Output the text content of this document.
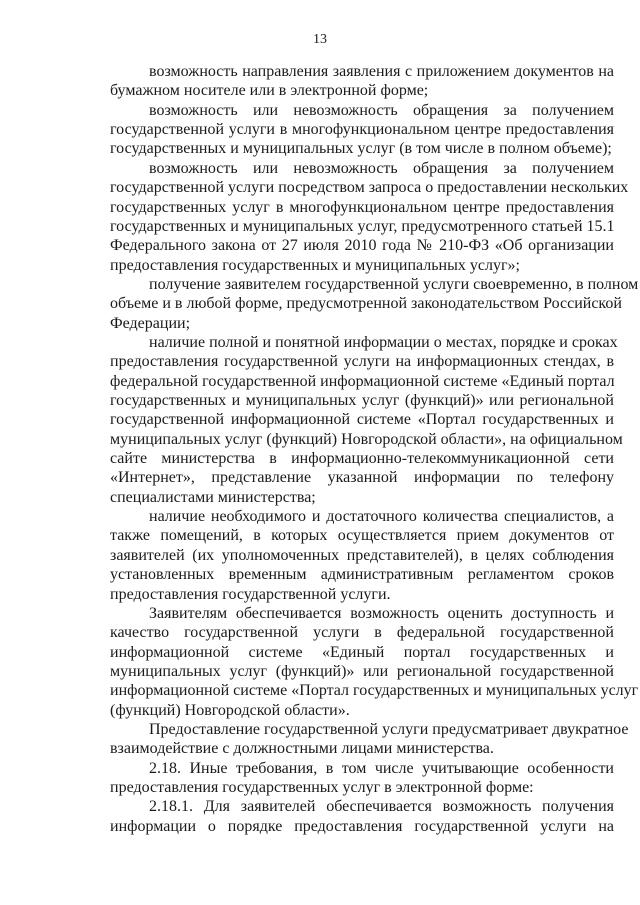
13
возможность направления заявления с приложением документов на
бумажном носителе или в электронной форме;
возможность или невозможность обращения за получением
государственной услуги в многофункциональном центре предоставления
государственных и муниципальных услуг (в том числе в полном объеме);
возможность или невозможность обращения за получением
государственной услуги посредством запроса о предоставлении нескольких
государственных услуг в многофункциональном центре предоставления
государственных и муниципальных услуг, предусмотренного статьей 15.1
Федерального закона от 27 июля 2010 года № 210-ФЗ «Об организации
предоставления государственных и муниципальных услуг»;
получение заявителем государственной услуги своевременно, в полном
объеме и в любой форме, предусмотренной законодательством Российской
Федерации;
наличие полной и понятной информации о местах, порядке и сроках
предоставления государственной услуги на информационных стендах, в
федеральной государственной информационной системе «Единый портал
государственных и муниципальных услуг (функций)» или региональной
государственной информационной системе «Портал государственных и
муниципальных услуг (функций) Новгородской области», на официальном
сайте министерства в информационно-телекоммуникационной сети
«Интернет», представление указанной информации по телефону
специалистами министерства;
наличие необходимого и достаточного количества специалистов, а
также помещений, в которых осуществляется прием документов от
заявителей (их уполномоченных представителей), в целях соблюдения
установленных временным административным регламентом сроков
предоставления государственной услуги.
Заявителям обеспечивается возможность оценить доступность и
качество государственной услуги в федеральной государственной
информационной системе «Единый портал государственных и
муниципальных услуг (функций)» или региональной государственной
информационной системе «Портал государственных и муниципальных услуг
(функций) Новгородской области».
Предоставление государственной услуги предусматривает двукратное
взаимодействие с должностными лицами министерства.
2.18. Иные требования, в том числе учитывающие особенности
предоставления государственных услуг в электронной форме:
2.18.1. Для заявителей обеспечивается возможность получения
информации о порядке предоставления государственной услуги на
